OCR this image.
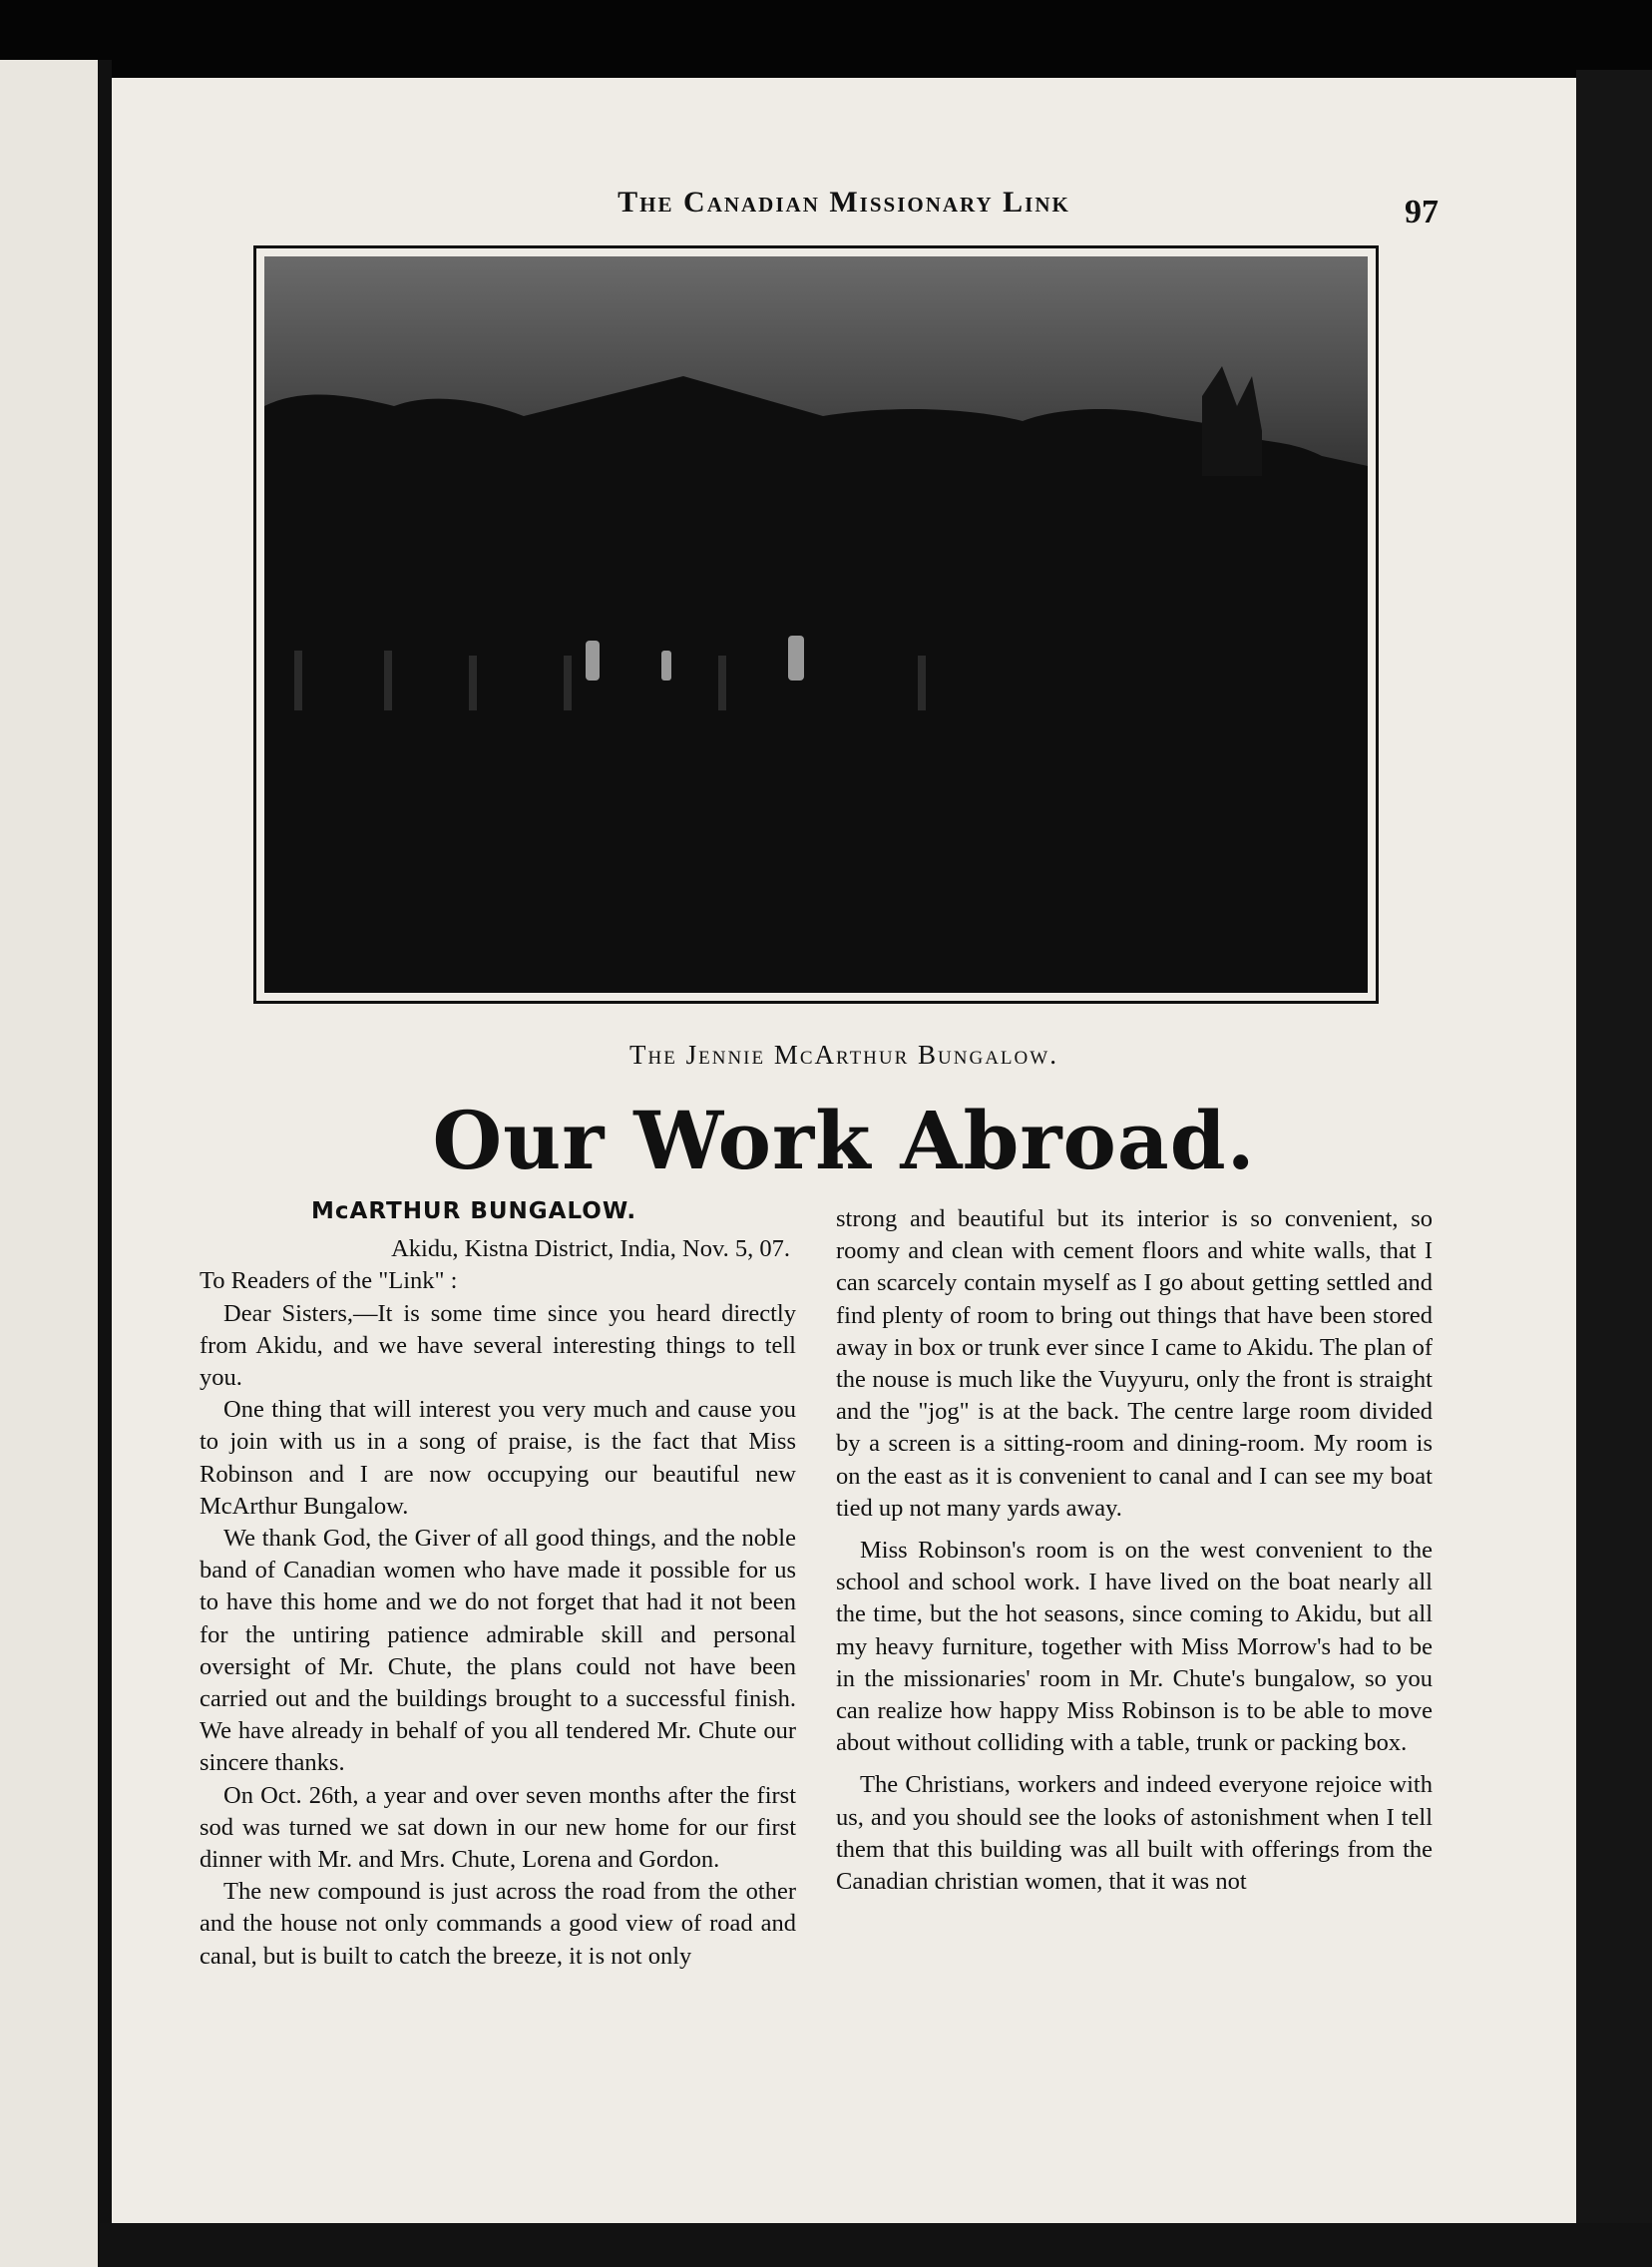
The Canadian Missionary Link	97
The Jennie McArthur Bungalow.
Our Work Abroad.

McARTHUR BUNGALOW.

Akidu, Kistna District, India, Nov. 5, 07.

To Readers of the "Link" :

Dear Sisters,—It is some time since you heard directly from Akidu, and we have several interesting things to tell you.

One thing that will interest you very much and cause you to join with us in a song of praise, is the fact that Miss Robinson and I are now occupying our beautiful new McArthur Bungalow.

We thank God, the Giver of all good things, and the noble band of Canadian women who have made it possible for us to have this home and we do not forget that had it not been for the untiring patience admirable skill and personal oversight of Mr. Chute, the plans could not have been carried out and the buildings brought to a successful finish. We have already in behalf of you all tendered Mr. Chute our sincere thanks.

On Oct. 26th, a year and over seven months after the first sod was turned we sat down in our new home for our first dinner with Mr. and Mrs. Chute, Lorena and Gordon.

The new compound is just across the road from the other and the house not only commands a good view of road and canal, but is built to catch the breeze, it is not only

strong and beautiful but its interior is so convenient, so roomy and clean with cement floors and white walls, that I can scarcely contain myself as I go about getting settled and find plenty of room to bring out things that have been stored away in box or trunk ever since I came to Akidu. The plan of the nouse is much like the Vuyyuru, only the front is straight and the "jog" is at the back. The centre large room divided by a screen is a sitting-room and dining-room. My room is on the east as it is convenient to canal and I can see my boat tied up not many yards away.

Miss Robinson's room is on the west convenient to the school and school work. I have lived on the boat nearly all the time, but the hot seasons, since coming to Akidu, but all my heavy furniture, together with Miss Morrow's had to be in the missionaries' room in Mr. Chute's bungalow, so you can realize how happy Miss Robinson is to be able to move about without colliding with a table, trunk or packing box.

The Christians, workers and indeed everyone rejoice with us, and you should see the looks of astonishment when I tell them that this building was all built with offerings from the Canadian christian women, that it was not
